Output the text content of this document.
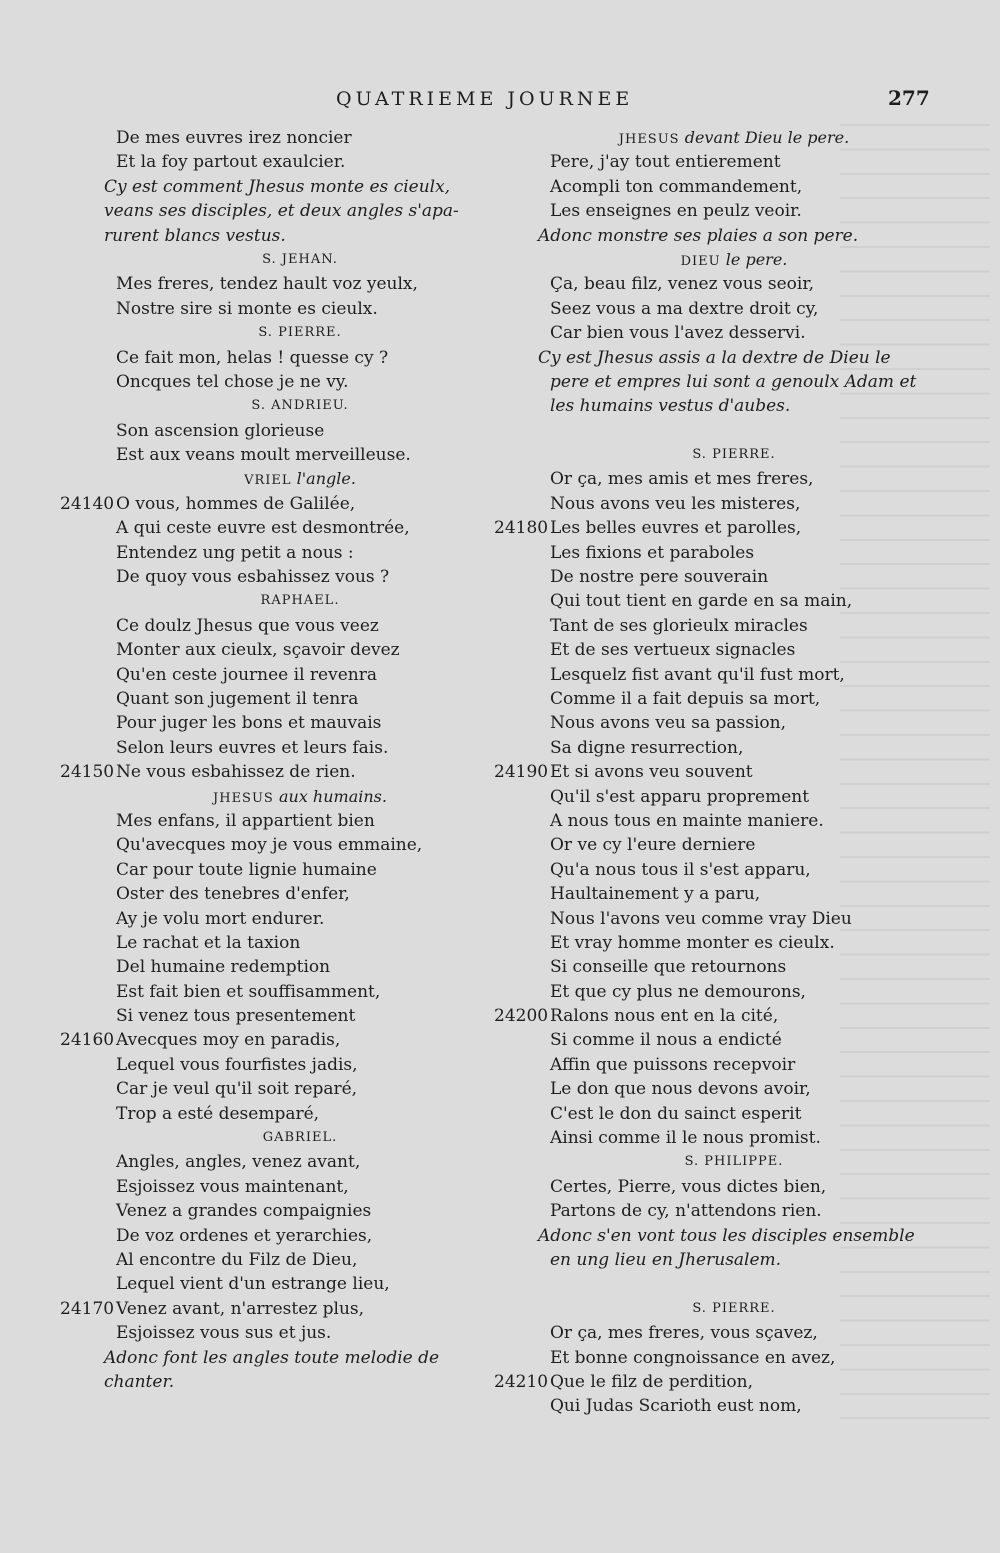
QUATRIEME JOURNEE	277
De mes euvres irez noncier
Et la foy partout exaulcier.
Cy est comment Jhesus monte es cieulx,
veans ses disciples, et deux angles s'apa-
rurent blancs vestus.
S. JEHAN.
Mes freres, tendez hault voz yeulx,
Nostre sire si monte es cieulx.
S. PIERRE.
Ce fait mon, helas ! quesse cy ?
Oncques tel chose je ne vy.
S. ANDRIEU.
Son ascension glorieuse
Est aux veans moult merveilleuse.
VRIEL l'angle.
24140 O vous, hommes de Galilée,
A qui ceste euvre est desmontrée,
Entendez ung petit a nous :
De quoy vous esbahissez vous ?
RAPHAEL.
Ce doulz Jhesus que vous veez
Monter aux cieulx, sçavoir devez
Qu'en ceste journee il revenra
Quant son jugement il tenra
Pour juger les bons et mauvais
Selon leurs euvres et leurs fais.
24150 Ne vous esbahissez de rien.
JHESUS aux humains.
Mes enfans, il appartient bien
Qu'avecques moy je vous emmaine,
Car pour toute lignie humaine
Oster des tenebres d'enfer,
Ay je volu mort endurer.
Le rachat et la taxion
Del humaine redemption
Est fait bien et souffisamment,
Si venez tous presentement
24160 Avecques moy en paradis,
Lequel vous fourfistes jadis,
Car je veul qu'il soit reparé,
Trop a esté desemparé,
GABRIEL.
Angles, angles, venez avant,
Esjoissez vous maintenant,
Venez a grandes compaignies
De voz ordenes et yerarchies,
Al encontre du Filz de Dieu,
Lequel vient d'un estrange lieu,
24170 Venez avant, n'arrestez plus,
Esjoissez vous sus et jus.
Adonc font les angles toute melodie de
chanter.
JHESUS devant Dieu le pere.
Pere, j'ay tout entierement
Acompli ton commandement,
Les enseignes en peulz veoir.
Adonc monstre ses plaies a son pere.
DIEU le pere.
Ça, beau filz, venez vous seoir,
Seez vous a ma dextre droit cy,
Car bien vous l'avez desservi.
Cy est Jhesus assis a la dextre de Dieu le
pere et empres lui sont a genoulx Adam et
les humains vestus d'aubes.
S. PIERRE.
Or ça, mes amis et mes freres,
Nous avons veu les misteres,
24180 Les belles euvres et parolles,
Les fixions et paraboles
De nostre pere souverain
Qui tout tient en garde en sa main,
Tant de ses glorieulx miracles
Et de ses vertueux signacles
Lesquelz fist avant qu'il fust mort,
Comme il a fait depuis sa mort,
Nous avons veu sa passion,
Sa digne resurrection,
24190 Et si avons veu souvent
Qu'il s'est apparu proprement
A nous tous en mainte maniere.
Or ve cy l'eure derniere
Qu'a nous tous il s'est apparu,
Haultainement y a paru,
Nous l'avons veu comme vray Dieu
Et vray homme monter es cieulx.
Si conseille que retournons
Et que cy plus ne demourons,
24200 Ralons nous ent en la cité,
Si comme il nous a endicté
Affin que puissons recepvoir
Le don que nous devons avoir,
C'est le don du sainct esperit
Ainsi comme il le nous promist.
S. PHILIPPE.
Certes, Pierre, vous dictes bien,
Partons de cy, n'attendons rien.
Adonc s'en vont tous les disciples ensemble
en ung lieu en Jherusalem.
S. PIERRE.
Or ça, mes freres, vous sçavez,
Et bonne congnoissance en avez,
24210 Que le filz de perdition,
Qui Judas Scarioth eust nom,
